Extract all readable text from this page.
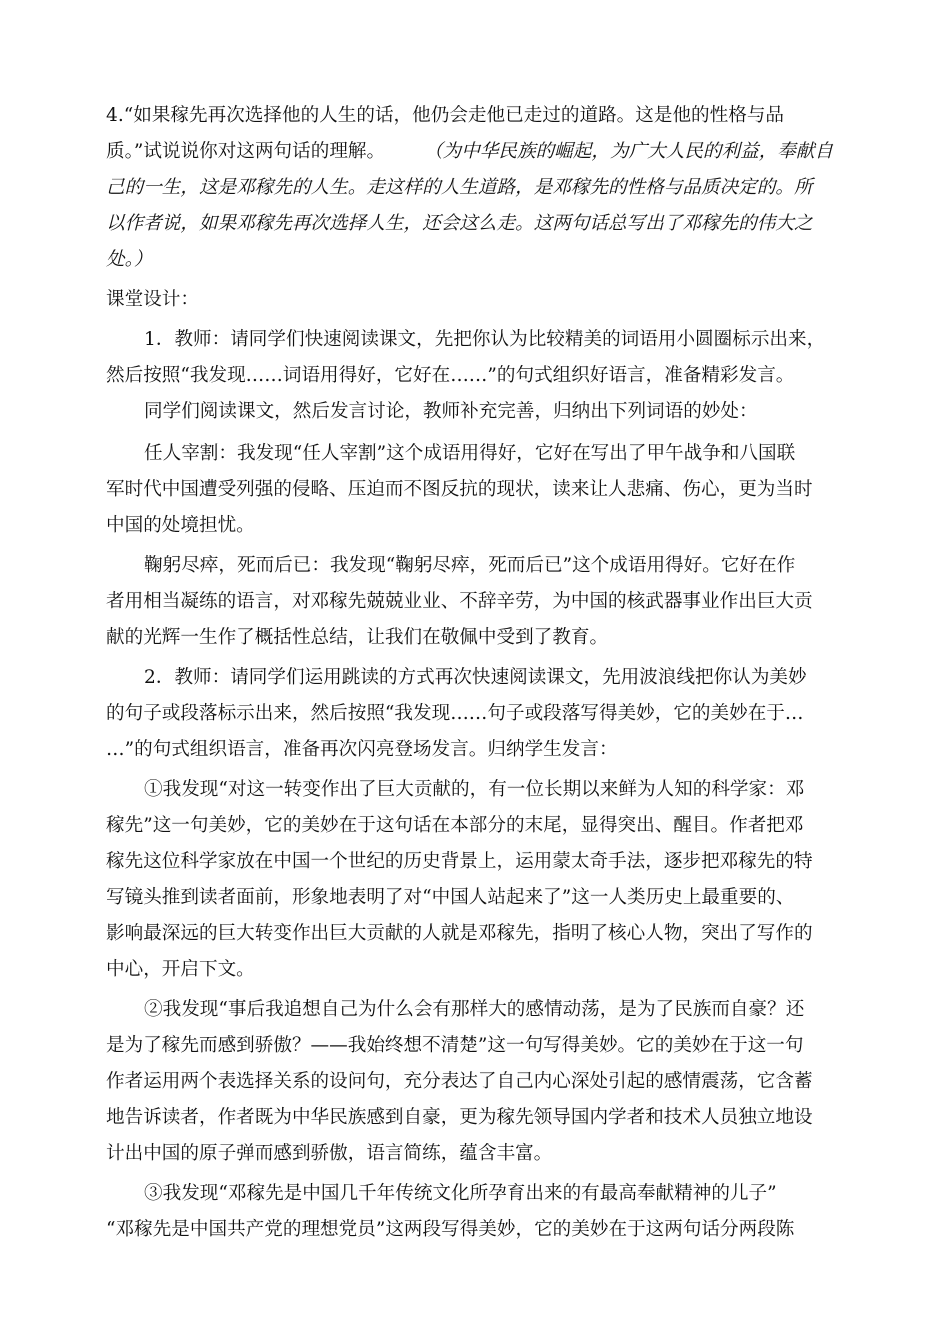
4.“如果稼先再次选择他的人生的话，他仍会走他已走过的道路。这是他的性格与品
质。”试说说你对这两句话的理解。 （为中华民族的崛起，为广大人民的利益，奉献自
己的一生，这是邓稼先的人生。走这样的人生道路，是邓稼先的性格与品质决定的。所
以作者说，如果邓稼先再次选择人生，还会这么走。这两句话总写出了邓稼先的伟大之
处。）
课堂设计：
1．教师：请同学们快速阅读课文，先把你认为比较精美的词语用小圆圈标示出来，
然后按照“我发现……词语用得好，它好在……”的句式组织好语言，准备精彩发言。
同学们阅读课文，然后发言讨论，教师补充完善，归纳出下列词语的妙处：
任人宰割：我发现“任人宰割”这个成语用得好，它好在写出了甲午战争和八国联
军时代中国遭受列强的侵略、压迫而不图反抗的现状，读来让人悲痛、伤心，更为当时
中国的处境担忧。
鞠躬尽瘁，死而后已：我发现“鞠躬尽瘁，死而后已”这个成语用得好。它好在作
者用相当凝练的语言，对邓稼先兢兢业业、不辞辛劳，为中国的核武器事业作出巨大贡
献的光辉一生作了概括性总结，让我们在敬佩中受到了教育。
2．教师：请同学们运用跳读的方式再次快速阅读课文，先用波浪线把你认为美妙
的句子或段落标示出来，然后按照“我发现……句子或段落写得美妙，它的美妙在于…
…”的句式组织语言，准备再次闪亮登场发言。归纳学生发言：
①我发现“对这一转变作出了巨大贡献的，有一位长期以来鲜为人知的科学家：邓
稼先”这一句美妙，它的美妙在于这句话在本部分的末尾，显得突出、醒目。作者把邓
稼先这位科学家放在中国一个世纪的历史背景上，运用蒙太奇手法，逐步把邓稼先的特
写镜头推到读者面前，形象地表明了对“中国人站起来了”这一人类历史上最重要的、
影响最深远的巨大转变作出巨大贡献的人就是邓稼先，指明了核心人物，突出了写作的
中心，开启下文。
②我发现“事后我追想自己为什么会有那样大的感情动荡，是为了民族而自豪？还
是为了稼先而感到骄傲？——我始终想不清楚”这一句写得美妙。它的美妙在于这一句
作者运用两个表选择关系的设问句，充分表达了自己内心深处引起的感情震荡，它含蓄
地告诉读者，作者既为中华民族感到自豪，更为稼先领导国内学者和技术人员独立地设
计出中国的原子弹而感到骄傲，语言简练，蕴含丰富。
③我发现“邓稼先是中国几千年传统文化所孕育出来的有最高奉献精神的儿子”
“邓稼先是中国共产党的理想党员”这两段写得美妙，它的美妙在于这两句话分两段陈
